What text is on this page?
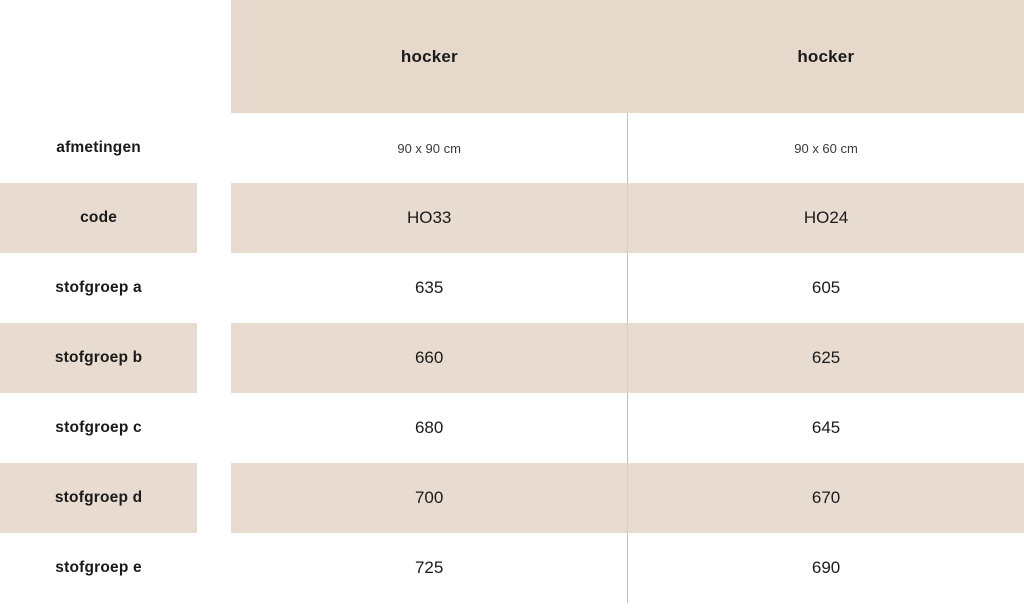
		hocker	hocker
afmetingen		90 x 90 cm	90 x 60 cm
code		HO33	HO24
stofgroep a		635	605
stofgroep b		660	625
stofgroep c		680	645
stofgroep d		700	670
stofgroep e		725	690
